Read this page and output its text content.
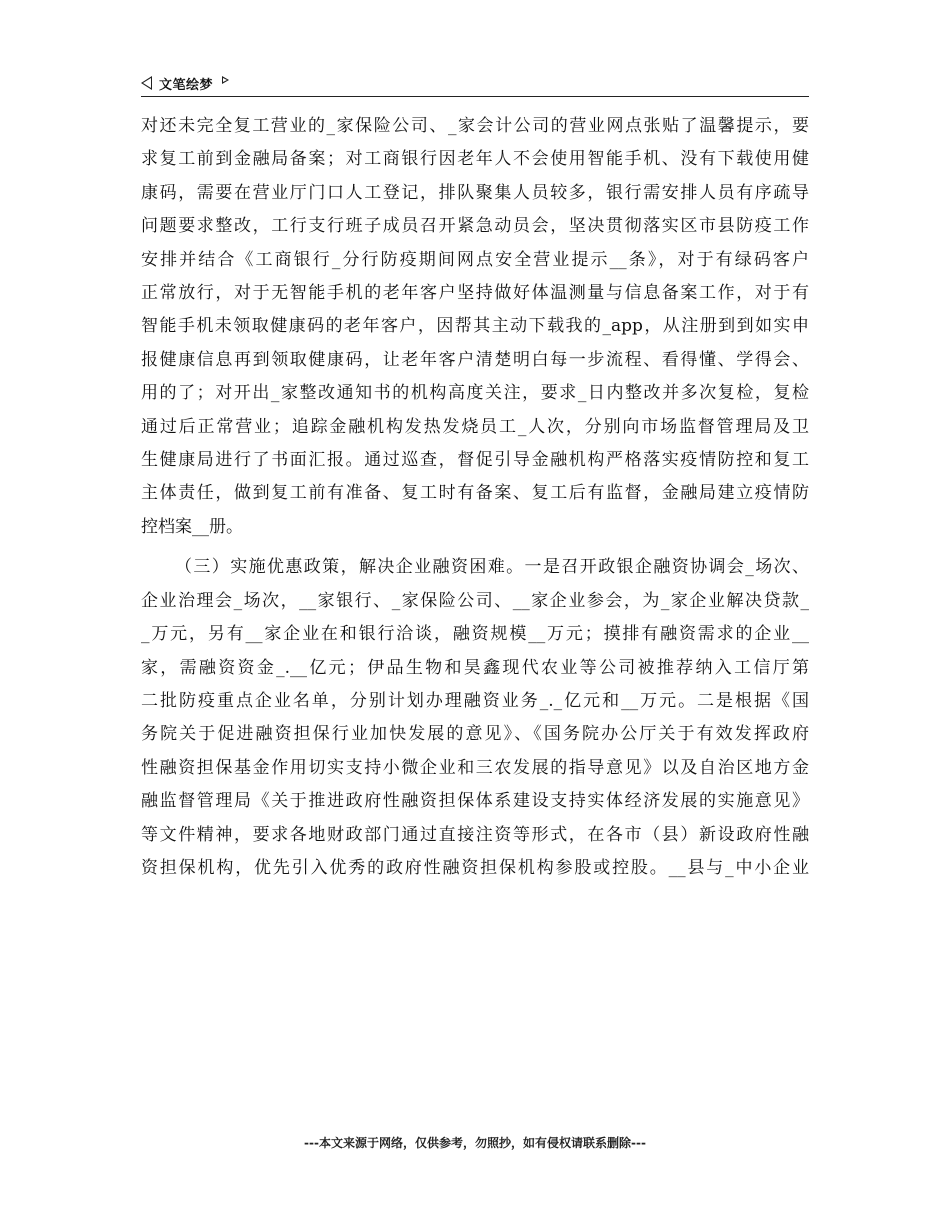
文笔绘梦

对还未完全复工营业的_家保险公司、_家会计公司的营业网点张贴了温馨提示，要
求复工前到金融局备案；对工商银行因老年人不会使用智能手机、没有下载使用健
康码，需要在营业厅门口人工登记，排队聚集人员较多，银行需安排人员有序疏导
问题要求整改，工行支行班子成员召开紧急动员会，坚决贯彻落实区市县防疫工作
安排并结合《工商银行_分行防疫期间网点安全营业提示__条》，对于有绿码客户
正常放行，对于无智能手机的老年客户坚持做好体温测量与信息备案工作，对于有
智能手机未领取健康码的老年客户，因帮其主动下载我的_app，从注册到到如实申
报健康信息再到领取健康码，让老年客户清楚明白每一步流程、看得懂、学得会、
用的了；对开出_家整改通知书的机构高度关注，要求_日内整改并多次复检，复检
通过后正常营业；追踪金融机构发热发烧员工_人次，分别向市场监督管理局及卫
生健康局进行了书面汇报。通过巡查，督促引导金融机构严格落实疫情防控和复工
主体责任，做到复工前有准备、复工时有备案、复工后有监督，金融局建立疫情防
控档案__册。

（三）实施优惠政策，解决企业融资困难。一是召开政银企融资协调会_场次、
企业治理会_场次，__家银行、_家保险公司、__家企业参会，为_家企业解决贷款_
_万元，另有__家企业在和银行洽谈，融资规模__万元；摸排有融资需求的企业__
家，需融资资金_.__亿元；伊品生物和昊鑫现代农业等公司被推荐纳入工信厅第
二批防疫重点企业名单，分别计划办理融资业务_._亿元和__万元。二是根据《国
务院关于促进融资担保行业加快发展的意见》、《国务院办公厅关于有效发挥政府
性融资担保基金作用切实支持小微企业和三农发展的指导意见》以及自治区地方金
融监督管理局《关于推进政府性融资担保体系建设支持实体经济发展的实施意见》
等文件精神，要求各地财政部门通过直接注资等形式，在各市（县）新设政府性融
资担保机构，优先引入优秀的政府性融资担保机构参股或控股。__县与_中小企业

---本文来源于网络，仅供参考，勿照抄，如有侵权请联系删除---
